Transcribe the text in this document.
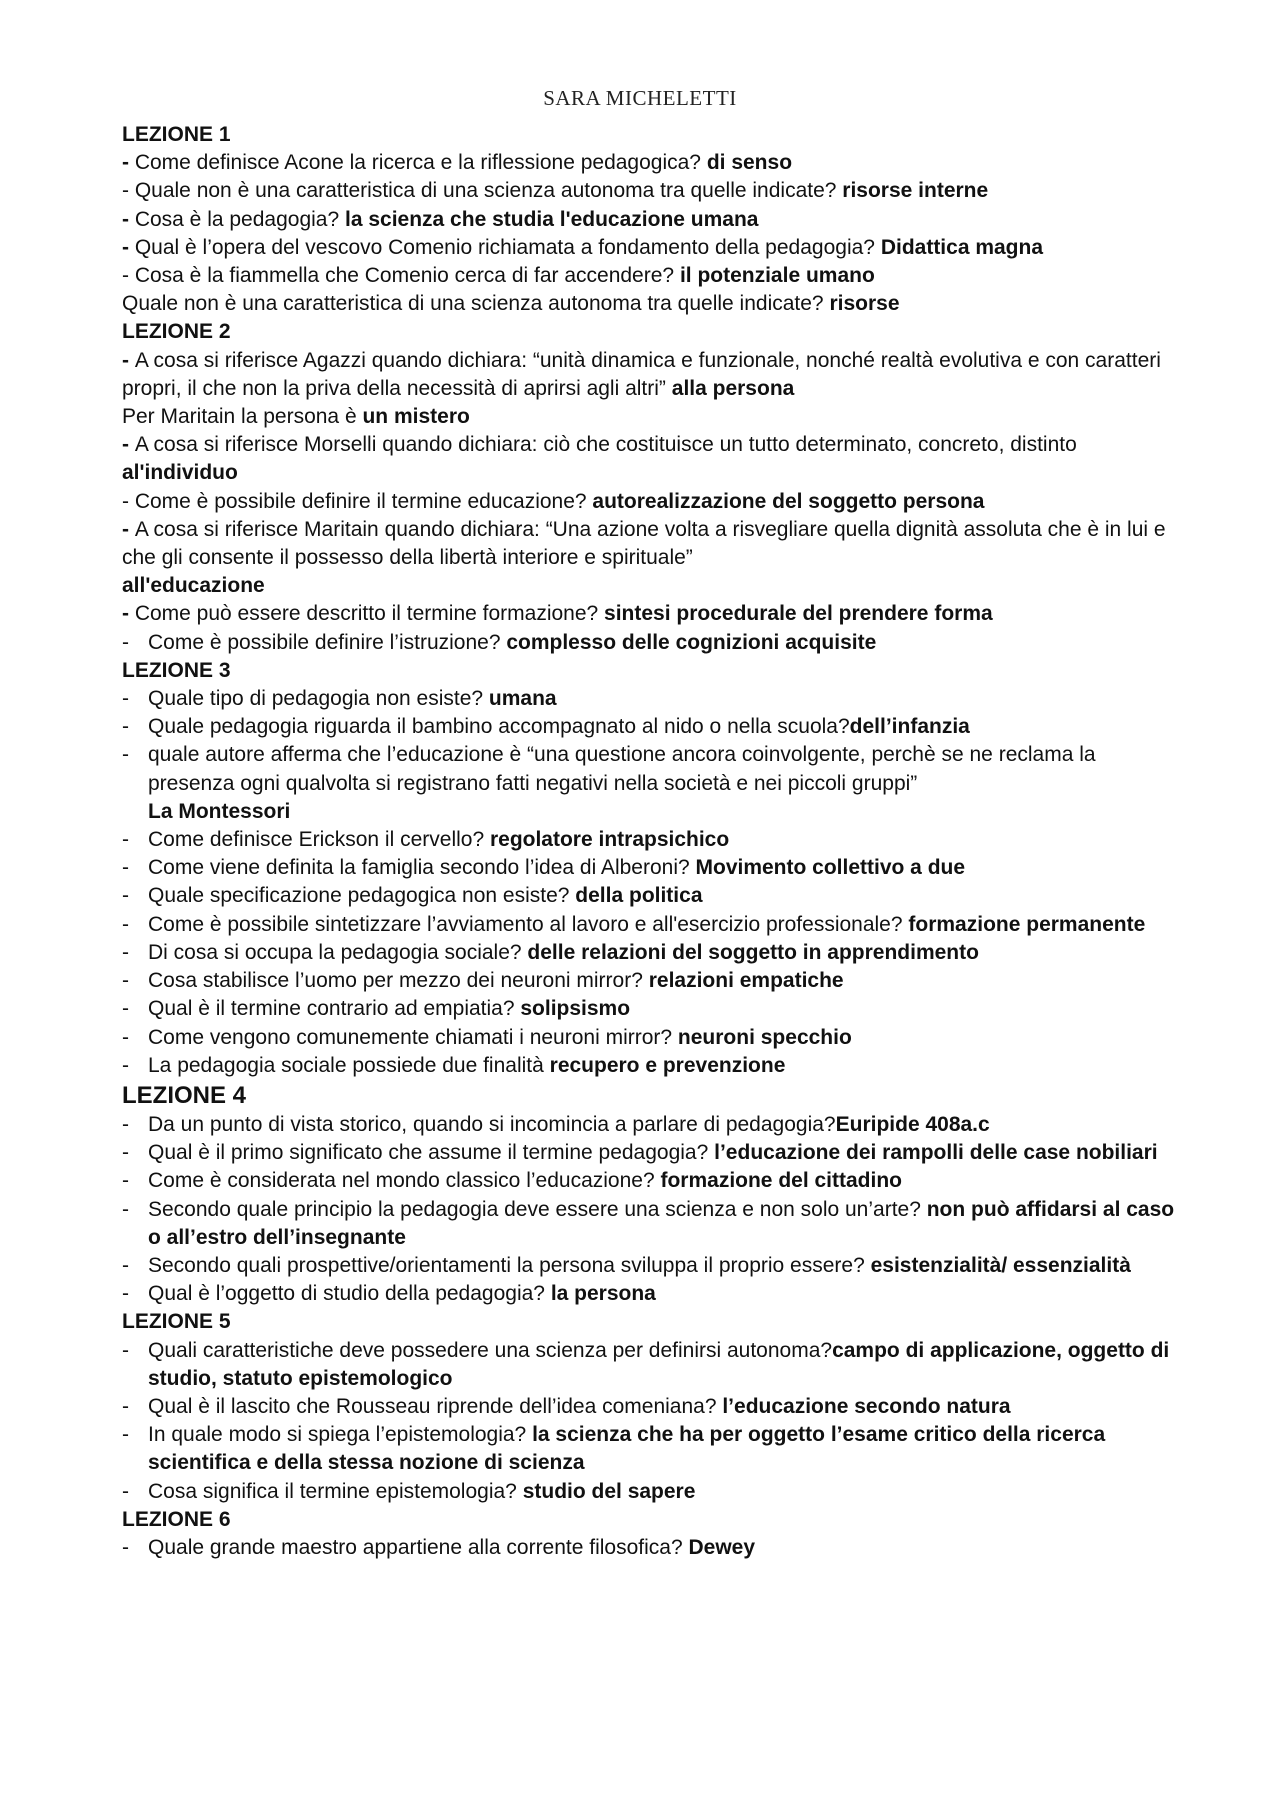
SARA MICHELETTI
LEZIONE 1
- Come definisce Acone la ricerca e la riflessione pedagogica? di senso
- Quale non è una caratteristica di una scienza autonoma tra quelle indicate? risorse interne
- Cosa è la pedagogia? la scienza che studia l'educazione umana
- Qual è l’opera del vescovo Comenio richiamata a fondamento della pedagogia? Didattica magna
- Cosa è la fiammella che Comenio cerca di far accendere? il potenziale umano
Quale non è una caratteristica di una scienza autonoma tra quelle indicate? risorse
LEZIONE 2
- A cosa si riferisce Agazzi quando dichiara: “unità dinamica e funzionale, nonché realtà evolutiva e con caratteri propri, il che non la priva della necessità di aprirsi agli altri” alla persona
Per Maritain la persona è un mistero
- A cosa si riferisce Morselli quando dichiara: ciò che costituisce un tutto determinato, concreto, distinto al'individuo
- Come è possibile definire il termine educazione? autorealizzazione del soggetto persona
- A cosa si riferisce Maritain quando dichiara: “Una azione volta a risvegliare quella dignità assoluta che è in lui e che gli consente il possesso della libertà interiore e spirituale”
all'educazione
- Come può essere descritto il termine formazione? sintesi procedurale del prendere forma
- Come è possibile definire l’istruzione? complesso delle cognizioni acquisite
LEZIONE 3
- Quale tipo di pedagogia non esiste? umana
- Quale pedagogia riguarda il bambino accompagnato al nido o nella scuola?dell’infanzia
- quale autore afferma che l’educazione è “una questione ancora coinvolgente, perchè se ne reclama la presenza ogni qualvolta si registrano fatti negativi nella società e nei piccoli gruppi”
La Montessori
- Come definisce Erickson il cervello? regolatore intrapsichico
- Come viene definita la famiglia secondo l’idea di Alberoni? Movimento collettivo a due
- Quale specificazione pedagogica non esiste? della politica
- Come è possibile sintetizzare l’avviamento al lavoro e all'esercizio professionale? formazione permanente
- Di cosa si occupa la pedagogia sociale? delle relazioni del soggetto in apprendimento
- Cosa stabilisce l’uomo per mezzo dei neuroni mirror? relazioni empatiche
- Qual è il termine contrario ad empiatia? solipsismo
- Come vengono comunemente chiamati i neuroni mirror? neuroni specchio
- La pedagogia sociale possiede due finalità recupero e prevenzione
LEZIONE 4
- Da un punto di vista storico, quando si incomincia a parlare di pedagogia?Euripide 408a.c
- Qual è il primo significato che assume il termine pedagogia? l’educazione dei rampolli delle case nobiliari
- Come è considerata nel mondo classico l’educazione? formazione del cittadino
- Secondo quale principio la pedagogia deve essere una scienza e non solo un’arte? non può affidarsi al caso o all’estro dell’insegnante
- Secondo quali prospettive/orientamenti la persona sviluppa il proprio essere? esistenzialità/ essenzialità
- Qual è l’oggetto di studio della pedagogia? la persona
LEZIONE 5
- Quali caratteristiche deve possedere una scienza per definirsi autonoma?campo di applicazione, oggetto di studio, statuto epistemologico
- Qual è il lascito che Rousseau riprende dell’idea comeniana? l’educazione secondo natura
- In quale modo si spiega l’epistemologia? la scienza che ha per oggetto l’esame critico della ricerca scientifica e della stessa nozione di scienza
- Cosa significa il termine epistemologia? studio del sapere
LEZIONE 6
- Quale grande maestro appartiene alla corrente filosofica? Dewey
